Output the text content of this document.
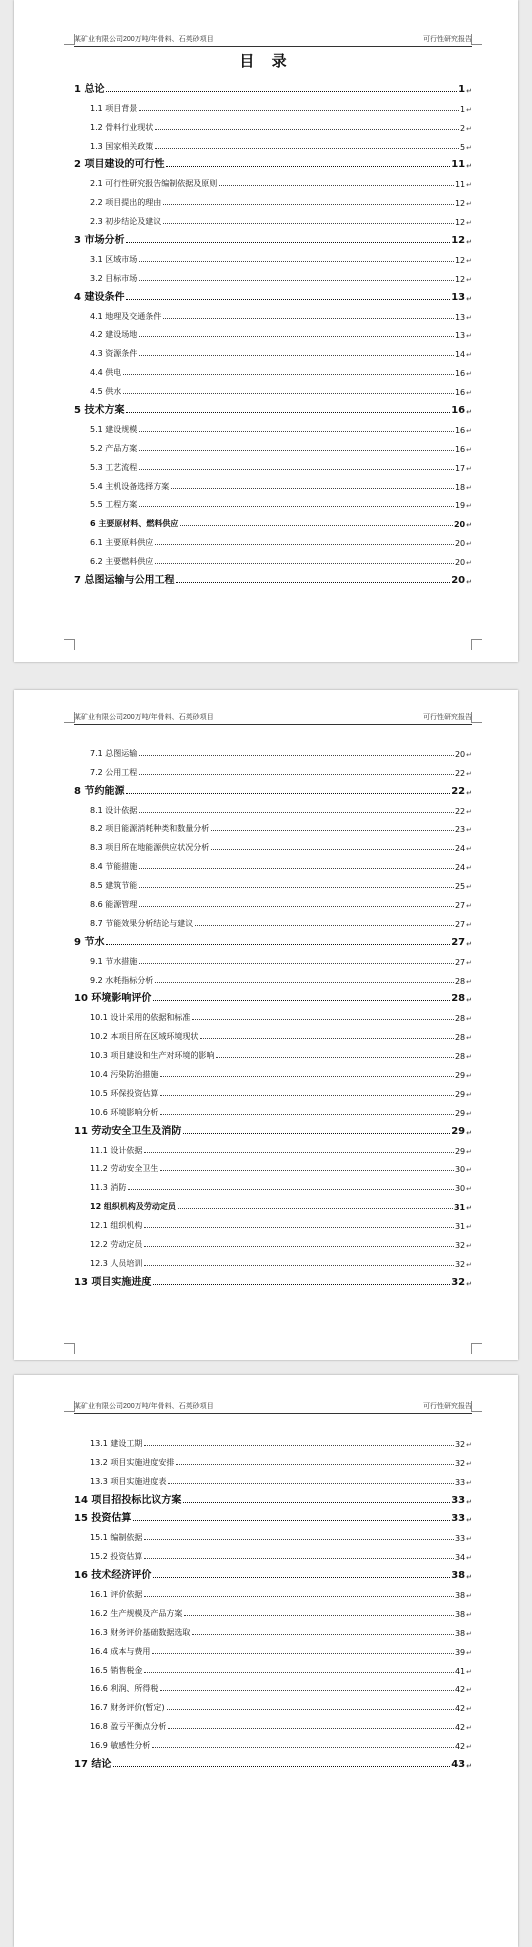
某矿业有限公司200万吨/年骨料、石英砂项目	可行性研究报告
目 录
1 总论	1 ↵
1.1 项目背景	1 ↵
1.2 骨料行业现状	2 ↵
1.3 国家相关政策	5 ↵
2 项目建设的可行性	11 ↵
2.1 可行性研究报告编制依据及原则	11 ↵
2.2 项目提出的理由	12 ↵
2.3 初步结论及建议	12 ↵
3 市场分析	12 ↵
3.1 区域市场	12 ↵
3.2 目标市场	12 ↵
4 建设条件	13 ↵
4.1 地理及交通条件	13 ↵
4.2 建设场地	13 ↵
4.3 资源条件	14 ↵
4.4 供电	16 ↵
4.5 供水	16 ↵
5 技术方案	16 ↵
5.1 建设规模	16 ↵
5.2 产品方案	16 ↵
5.3 工艺流程	17 ↵
5.4 主机设备选择方案	18 ↵
5.5 工程方案	19 ↵
6 主要原材料、燃料供应	20 ↵
6.1 主要原料供应	20 ↵
6.2 主要燃料供应	20 ↵
7 总图运输与公用工程	20 ↵
某矿业有限公司200万吨/年骨料、石英砂项目	可行性研究报告
7.1 总图运输	20 ↵
7.2 公用工程	22 ↵
8 节约能源	22 ↵
8.1 设计依据	22 ↵
8.2 项目能源消耗种类和数量分析	23 ↵
8.3 项目所在地能源供应状况分析	24 ↵
8.4 节能措施	24 ↵
8.5 建筑节能	25 ↵
8.6 能源管理	27 ↵
8.7 节能效果分析结论与建议	27 ↵
9 节水	27 ↵
9.1 节水措施	27 ↵
9.2 水耗指标分析	28 ↵
10 环境影响评价	28 ↵
10.1 设计采用的依据和标准	28 ↵
10.2 本项目所在区域环境现状	28 ↵
10.3 项目建设和生产对环境的影响	28 ↵
10.4 污染防治措施	29 ↵
10.5 环保投资估算	29 ↵
10.6 环境影响分析	29 ↵
11 劳动安全卫生及消防	29 ↵
11.1 设计依据	29 ↵
11.2 劳动安全卫生	30 ↵
11.3 消防	30 ↵
12 组织机构及劳动定员	31 ↵
12.1 组织机构	31 ↵
12.2 劳动定员	32 ↵
12.3 人员培训	32 ↵
13 项目实施进度	32 ↵
某矿业有限公司200万吨/年骨料、石英砂项目	可行性研究报告
13.1 建设工期	32 ↵
13.2 项目实施进度安排	32 ↵
13.3 项目实施进度表	33 ↵
14 项目招投标比议方案	33 ↵
15 投资估算	33 ↵
15.1 编制依据	33 ↵
15.2 投资估算	34 ↵
16 技术经济评价	38 ↵
16.1 评价依据	38 ↵
16.2 生产规模及产品方案	38 ↵
16.3 财务评价基础数据选取	38 ↵
16.4 成本与费用	39 ↵
16.5 销售税金	41 ↵
16.6 利润、所得税	42 ↵
16.7 财务评价(暂定)	42 ↵
16.8 盈亏平衡点分析	42 ↵
16.9 敏感性分析	42 ↵
17 结论	43 ↵
